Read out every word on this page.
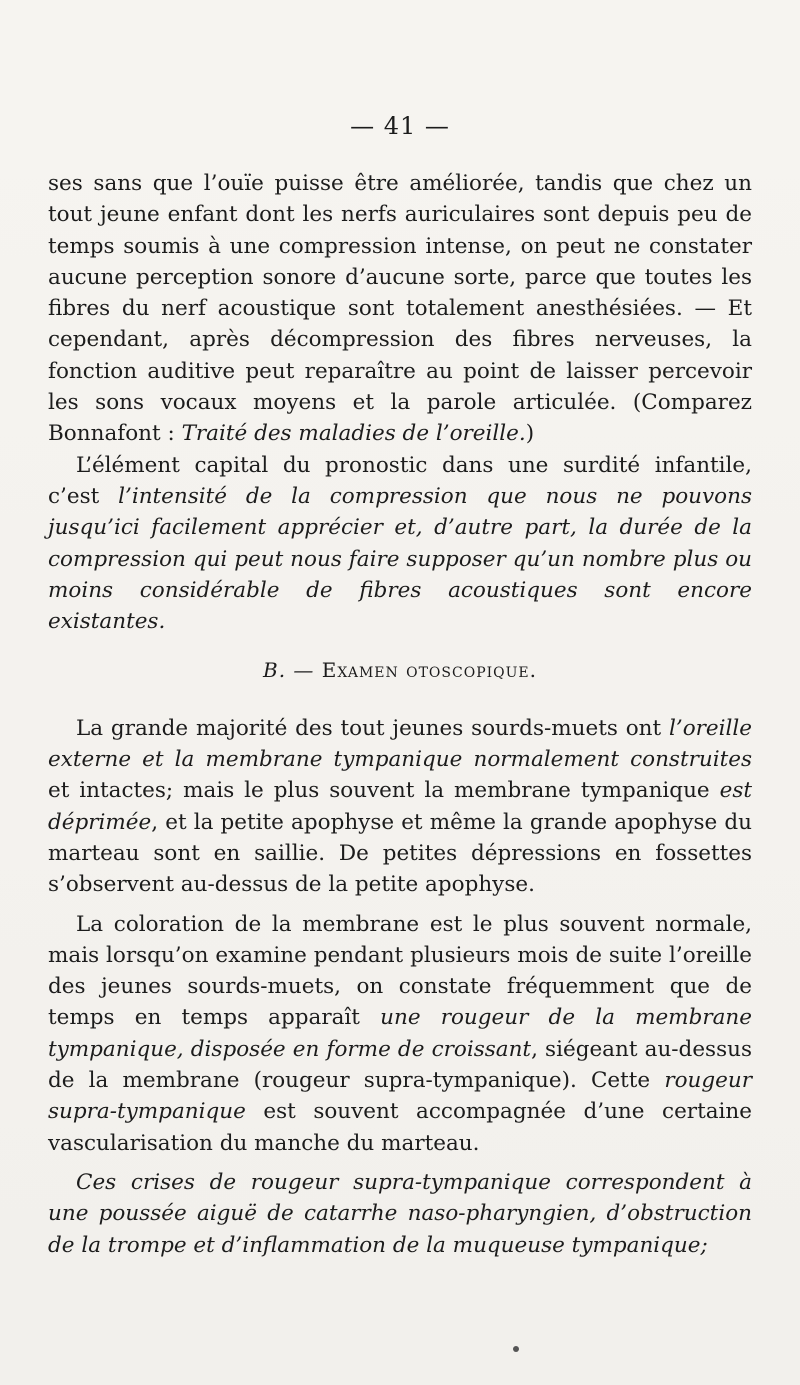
— 41 —

ses sans que l’ouïe puisse être améliorée, tandis que chez un tout jeune enfant dont les nerfs auriculaires sont depuis peu de temps soumis à une compression intense, on peut ne constater aucune perception sonore d’aucune sorte, parce que toutes les fibres du nerf acoustique sont totalement anesthésiées. — Et cependant, après décompression des fibres nerveuses, la fonction auditive peut reparaître au point de laisser percevoir les sons vocaux moyens et la parole articulée. (Comparez Bonnafont : Traité des maladies de l’oreille.)

L’élément capital du pronostic dans une surdité infantile, c’est l’intensité de la compression que nous ne pouvons jusqu’ici facilement apprécier et, d’autre part, la durée de la compression qui peut nous faire supposer qu’un nombre plus ou moins considérable de fibres acoustiques sont encore existantes.

B. — Examen otoscopique.

La grande majorité des tout jeunes sourds-muets ont l’oreille externe et la membrane tympanique normalement construites et intactes; mais le plus souvent la membrane tympanique est déprimée, et la petite apophyse et même la grande apophyse du marteau sont en saillie. De petites dépressions en fossettes s’observent au-dessus de la petite apophyse.

La coloration de la membrane est le plus souvent normale, mais lorsqu’on examine pendant plusieurs mois de suite l’oreille des jeunes sourds-muets, on constate fréquemment que de temps en temps apparaît une rougeur de la membrane tympanique, disposée en forme de croissant, siégeant au-dessus de la membrane (rougeur supra-tympanique). Cette rougeur supra-tympanique est souvent accompagnée d’une certaine vascularisation du manche du marteau.

Ces crises de rougeur supra-tympanique correspondent à une poussée aiguë de catarrhe naso-pharyngien, d’obstruction de la trompe et d’inflammation de la muqueuse tympanique;
